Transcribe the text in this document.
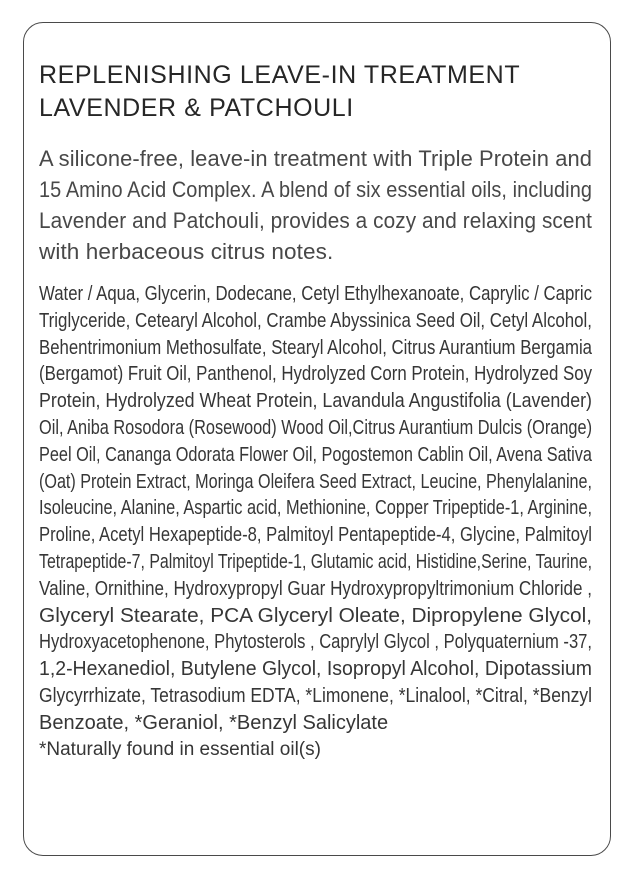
REPLENISHING LEAVE-IN TREATMENT
LAVENDER & PATCHOULI
A silicone-free, leave-in treatment with Triple Protein and
15 Amino Acid Complex. A blend of six essential oils, including
Lavender and Patchouli, provides a cozy and relaxing scent
with herbaceous citrus notes.
Water / Aqua, Glycerin, Dodecane, Cetyl Ethylhexanoate, Caprylic / Capric
Triglyceride, Cetearyl Alcohol, Crambe Abyssinica Seed Oil, Cetyl Alcohol,
Behentrimonium Methosulfate, Stearyl Alcohol, Citrus Aurantium Bergamia
(Bergamot) Fruit Oil, Panthenol, Hydrolyzed Corn Protein, Hydrolyzed Soy
Protein, Hydrolyzed Wheat Protein, Lavandula Angustifolia (Lavender)
Oil, Aniba Rosodora (Rosewood) Wood Oil,Citrus Aurantium Dulcis (Orange)
Peel Oil, Cananga Odorata Flower Oil, Pogostemon Cablin Oil, Avena Sativa
(Oat) Protein Extract, Moringa Oleifera Seed Extract, Leucine, Phenylalanine,
Isoleucine, Alanine, Aspartic acid, Methionine, Copper Tripeptide-1, Arginine,
Proline, Acetyl Hexapeptide-8, Palmitoyl Pentapeptide-4, Glycine, Palmitoyl
Tetrapeptide-7, Palmitoyl Tripeptide-1, Glutamic acid, Histidine,Serine, Taurine,
Valine, Ornithine, Hydroxypropyl Guar Hydroxypropyltrimonium Chloride ,
Glyceryl Stearate, PCA Glyceryl Oleate, Dipropylene Glycol,
Hydroxyacetophenone, Phytosterols , Caprylyl Glycol , Polyquaternium -37,
1,2-Hexanediol, Butylene Glycol, Isopropyl Alcohol, Dipotassium
Glycyrrhizate, Tetrasodium EDTA, *Limonene, *Linalool, *Citral, *Benzyl
Benzoate, *Geraniol, *Benzyl Salicylate
*Naturally found in essential oil(s)
